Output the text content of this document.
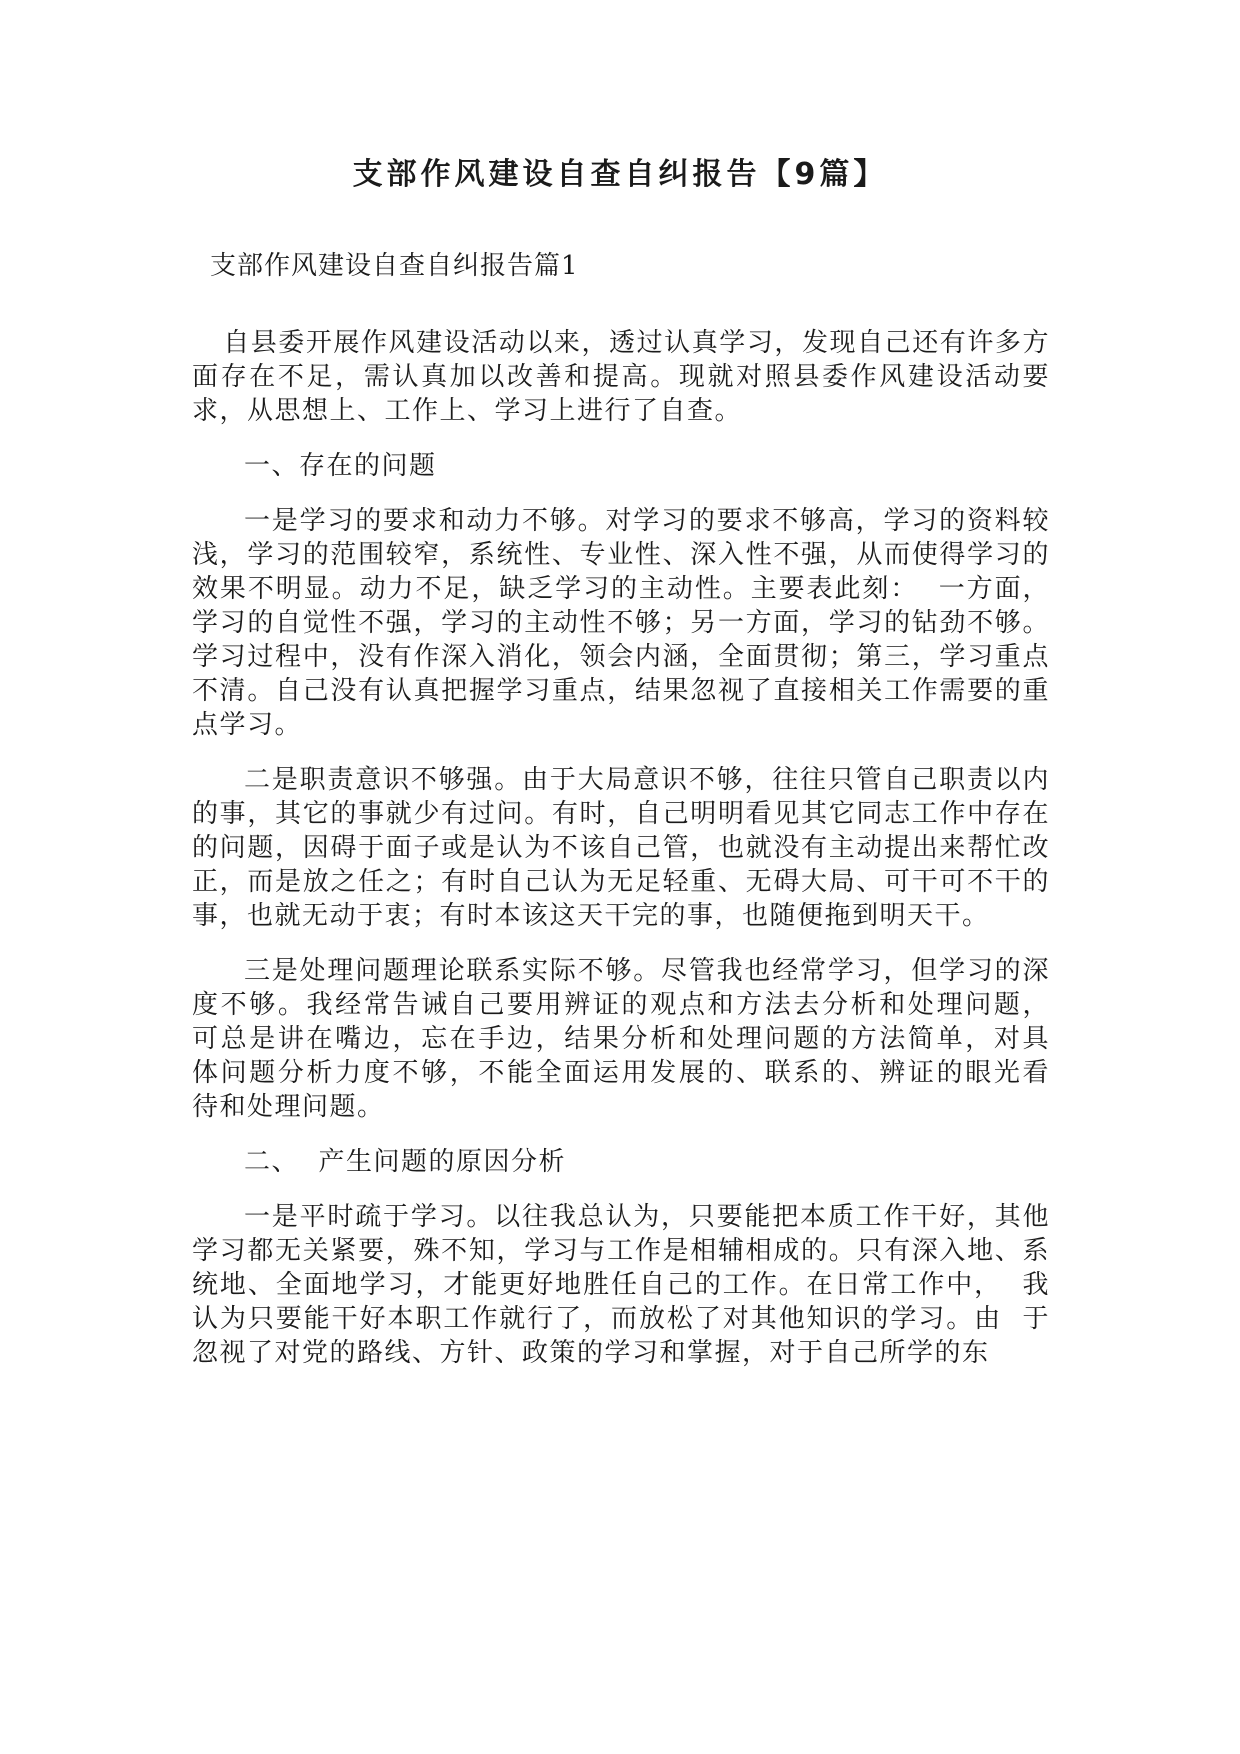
支部作风建设自查自纠报告【9篇】

支部作风建设自查自纠报告篇1

自县委开展作风建设活动以来，透过认真学习，发现自己还有许多方面存在不足，需认真加以改善和提高。现就对照县委作风建设活动要求，从思想上、工作上、学习上进行了自查。

一、存在的问题

一是学习的要求和动力不够。对学习的要求不够高，学习的资料较浅，学习的范围较窄，系统性、专业性、深入性不强，从而使得学习的效果不明显。动力不足，缺乏学习的主动性。主要表此刻：  一方面，学习的自觉性不强，学习的主动性不够；另一方面，学习的钻劲不够。学习过程中，没有作深入消化，领会内涵，全面贯彻；第三，学习重点不清。自己没有认真把握学习重点，结果忽视了直接相关工作需要的重点学习。

二是职责意识不够强。由于大局意识不够，往往只管自己职责以内的事，其它的事就少有过问。有时，自己明明看见其它同志工作中存在的问题，因碍于面子或是认为不该自己管，也就没有主动提出来帮忙改正，而是放之任之；有时自己认为无足轻重、无碍大局、可干可不干的事，也就无动于衷；有时本该这天干完的事，也随便拖到明天干。

三是处理问题理论联系实际不够。尽管我也经常学习，但学习的深度不够。我经常告诫自己要用辨证的观点和方法去分析和处理问题，  可总是讲在嘴边，忘在手边，结果分析和处理问题的方法简单，对具  体问题分析力度不够，不能全面运用发展的、联系的、辨证的眼光看  待和处理问题。

二、  产生问题的原因分析

一是平时疏于学习。以往我总认为，只要能把本质工作干好，其他学习都无关紧要，殊不知，学习与工作是相辅相成的。只有深入地、系统地、全面地学习，才能更好地胜任自己的工作。在日常工作中，  我认为只要能干好本职工作就行了，而放松了对其他知识的学习。由  于忽视了对党的路线、方针、政策的学习和掌握，对于自己所学的东
